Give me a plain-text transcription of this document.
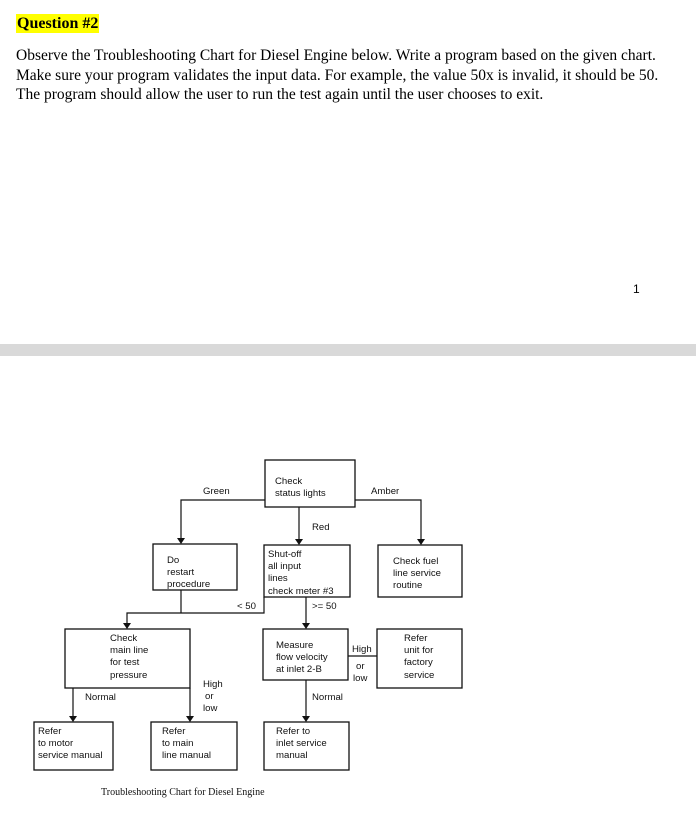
Question #2
Observe the Troubleshooting Chart for Diesel Engine below. Write a program based on the given chart. Make sure your program validates the input data. For example, the value 50x is invalid, it should be 50. The program should allow the user to run the test again until the user chooses to exit.
1
Check
status lights
Do
restart
procedure
Shut-off
all input
lines
check meter #3
Check fuel
line service
routine
Check
main line
for test
pressure
Measure
flow velocity
at inlet 2-B
Refer
unit for
factory
service
Refer
to motor
service manual
Refer
to main
line manual
Refer to
inlet service
manual
Green	Amber
Red
< 50	>= 50
High
or
low
High
or
low
Normal	Normal
Troubleshooting Chart for Diesel Engine
